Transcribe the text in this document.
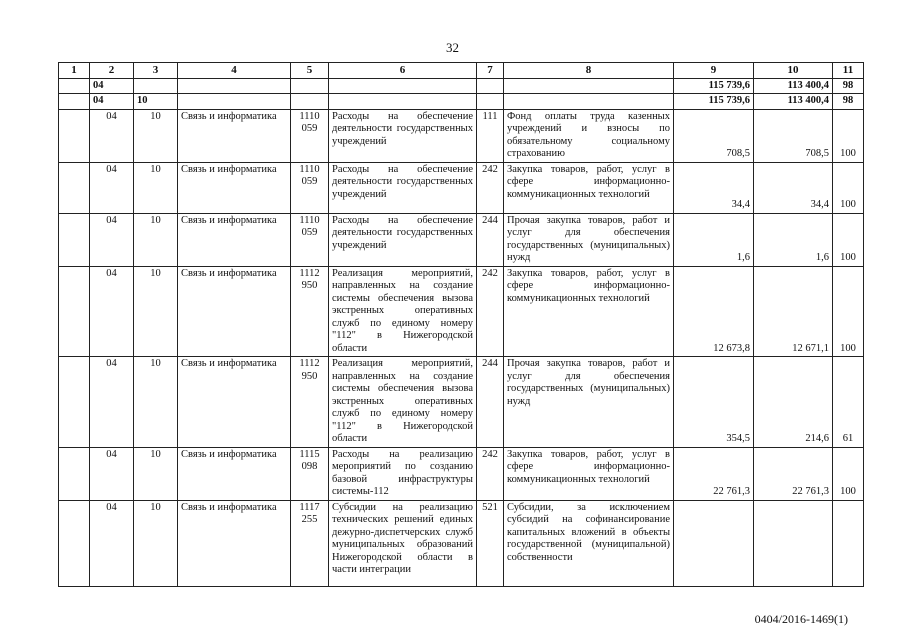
32
1	2	3	4	5	6	7	8	9	10	11
	04							115 739,6	113 400,4	98
	04	10						115 739,6	113 400,4	98
	04	10	Связь и информатика	1110 059	Расходы на обеспечение деятельности государственных учреждений	111	Фонд оплаты труда казенных учреждений и взносы по обязательному социальному страхованию	708,5	708,5	100
	04	10	Связь и информатика	1110 059	Расходы на обеспечение деятельности государственных учреждений	242	Закупка товаров, работ, услуг в сфере информационно-коммуникационных технологий	34,4	34,4	100
	04	10	Связь и информатика	1110 059	Расходы на обеспечение деятельности государственных учреждений	244	Прочая закупка товаров, работ и услуг для обеспечения государственных (муниципальных) нужд	1,6	1,6	100
	04	10	Связь и информатика	1112 950	Реализация мероприятий, направленных на создание системы обеспечения вызова экстренных оперативных служб по единому номеру "112" в Нижегородской области	242	Закупка товаров, работ, услуг в сфере информационно-коммуникационных технологий	12 673,8	12 671,1	100
	04	10	Связь и информатика	1112 950	Реализация мероприятий, направленных на создание системы обеспечения вызова экстренных оперативных служб по единому номеру "112" в Нижегородской области	244	Прочая закупка товаров, работ и услуг для обеспечения государственных (муниципальных) нужд	354,5	214,6	61
	04	10	Связь и информатика	1115 098	Расходы на реализацию мероприятий по созданию базовой инфраструктуры системы-112	242	Закупка товаров, работ, услуг в сфере информационно-коммуникационных технологий	22 761,3	22 761,3	100
	04	10	Связь и информатика	1117 255	Субсидии на реализацию технических решений единых дежурно-диспетчерских служб муниципальных образований Нижегородской области в части интеграции	521	Субсидии, за исключением субсидий на софинансирование капитальных вложений в объекты государственной (муниципальной) собственности			
0404/2016-1469(1)
